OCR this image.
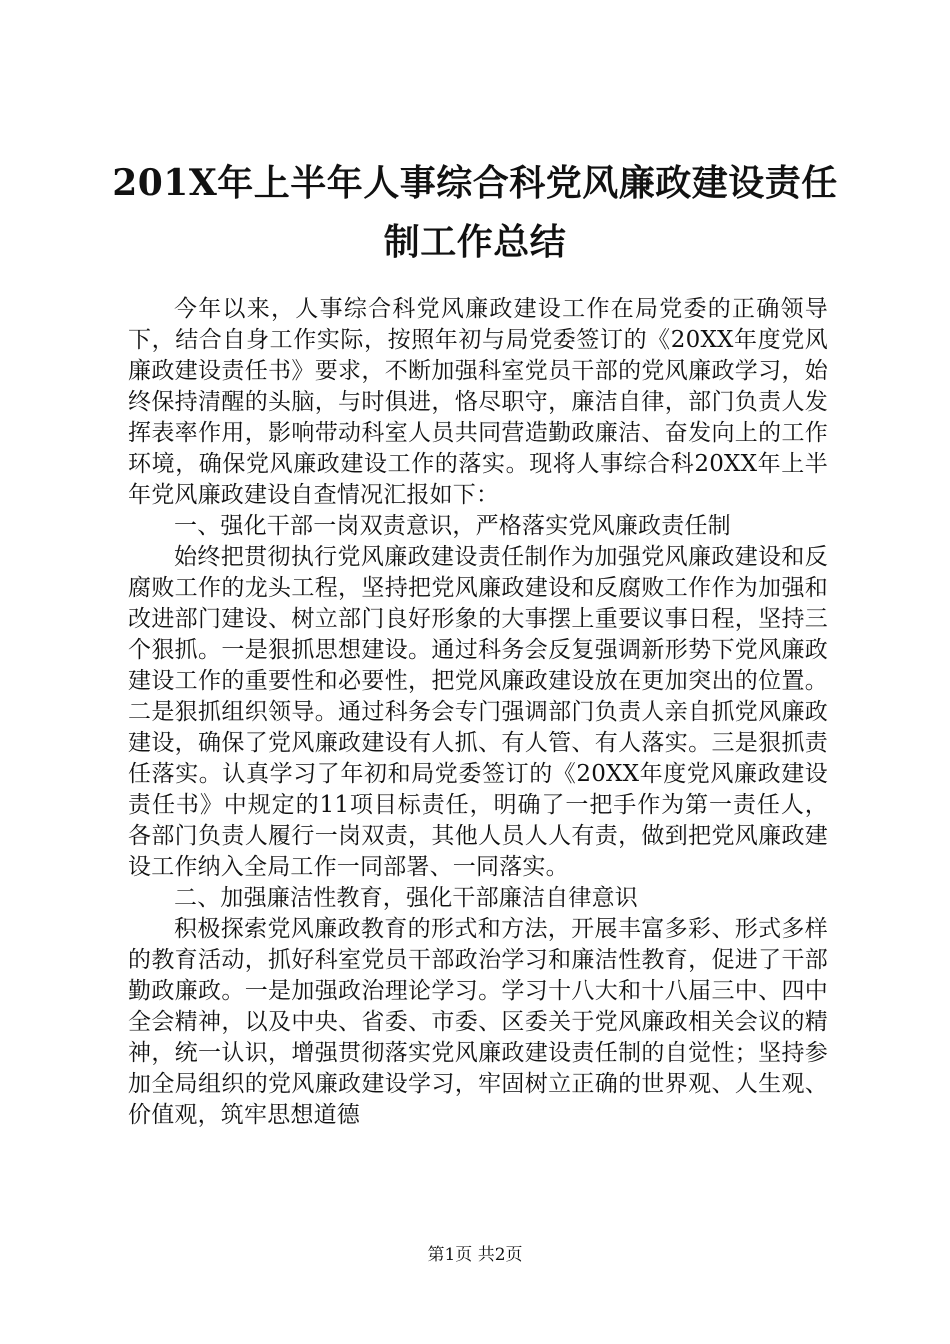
201X年上半年人事综合科党风廉政建设责任
制工作总结

今年以来，人事综合科党风廉政建设工作在局党委的正确领导下，结合自身工作实际，按照年初与局党委签订的《20XX年度党风廉政建设责任书》要求，不断加强科室党员干部的党风廉政学习，始终保持清醒的头脑，与时俱进，恪尽职守，廉洁自律，部门负责人发挥表率作用，影响带动科室人员共同营造勤政廉洁、奋发向上的工作环境，确保党风廉政建设工作的落实。现将人事综合科20XX年上半年党风廉政建设自查情况汇报如下：

一、强化干部一岗双责意识，严格落实党风廉政责任制

始终把贯彻执行党风廉政建设责任制作为加强党风廉政建设和反腐败工作的龙头工程，坚持把党风廉政建设和反腐败工作作为加强和改进部门建设、树立部门良好形象的大事摆上重要议事日程，坚持三个狠抓。一是狠抓思想建设。通过科务会反复强调新形势下党风廉政建设工作的重要性和必要性，把党风廉政建设放在更加突出的位置。二是狠抓组织领导。通过科务会专门强调部门负责人亲自抓党风廉政建设，确保了党风廉政建设有人抓、有人管、有人落实。三是狠抓责任落实。认真学习了年初和局党委签订的《20XX年度党风廉政建设责任书》中规定的11项目标责任，明确了一把手作为第一责任人，各部门负责人履行一岗双责，其他人员人人有责，做到把党风廉政建设工作纳入全局工作一同部署、一同落实。

二、加强廉洁性教育，强化干部廉洁自律意识

积极探索党风廉政教育的形式和方法，开展丰富多彩、形式多样的教育活动，抓好科室党员干部政治学习和廉洁性教育，促进了干部勤政廉政。一是加强政治理论学习。学习十八大和十八届三中、四中全会精神，以及中央、省委、市委、区委关于党风廉政相关会议的精神，统一认识，增强贯彻落实党风廉政建设责任制的自觉性；坚持参加全局组织的党风廉政建设学习，牢固树立正确的世界观、人生观、价值观，筑牢思想道德

第1页 共2页
